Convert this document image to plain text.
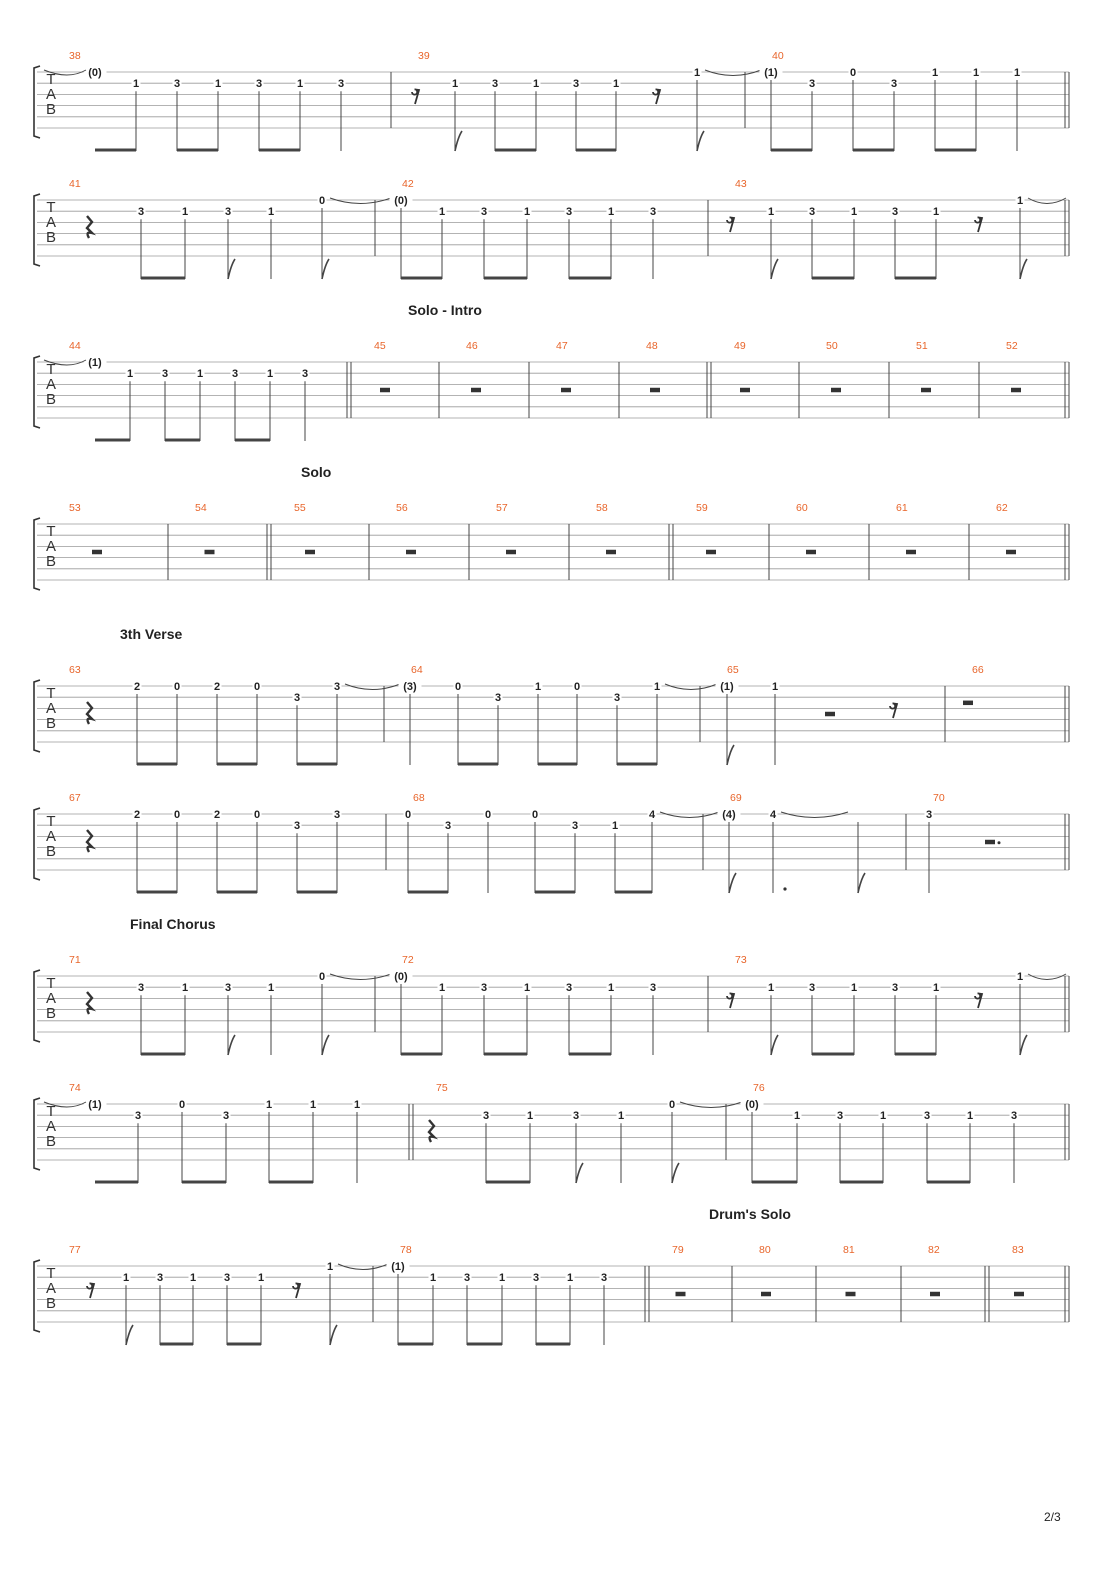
T
A
B
38
(0)
1	3	1	3	1	3
39
1	3	1	3	1
1
40
(1)
3
0
3
1	1	1
T
A
B
41
3	1	3	1
0
42
(0)
1	3	1	3	1	3
43
1	3	1	3	1
1
Solo - Intro
T
A
B
44
(1)
1	3	1	3	1	3
45	46	47	48	49	50	51	52
Solo
T
A
B
53	54	55	56	57	58	59	60	61	62
3th Verse
T
A
B
63
2	0	2	0
3
3
64
(3)	0
3
1	0
3
1
65
(1)	1
66
T
A
B
67
2	0	2	0
3
3
68
0
3
0	0
3	1
4
69
(4)	4
70
3
Final Chorus
T
A
B
71
3	1	3	1
0
72
(0)
1	3	1	3	1	3
73
1	3	1	3	1
1
T
A
B
74
(1)
3
0
3
1	1	1
75
3	1	3	1
0
76
(0)
1	3	1	3	1	3
Drum's Solo
T
A
B
77
1	3 1	3	1
1
78
(1)
1	3	1	3	1	3
79	80	81	82	83
2/3
